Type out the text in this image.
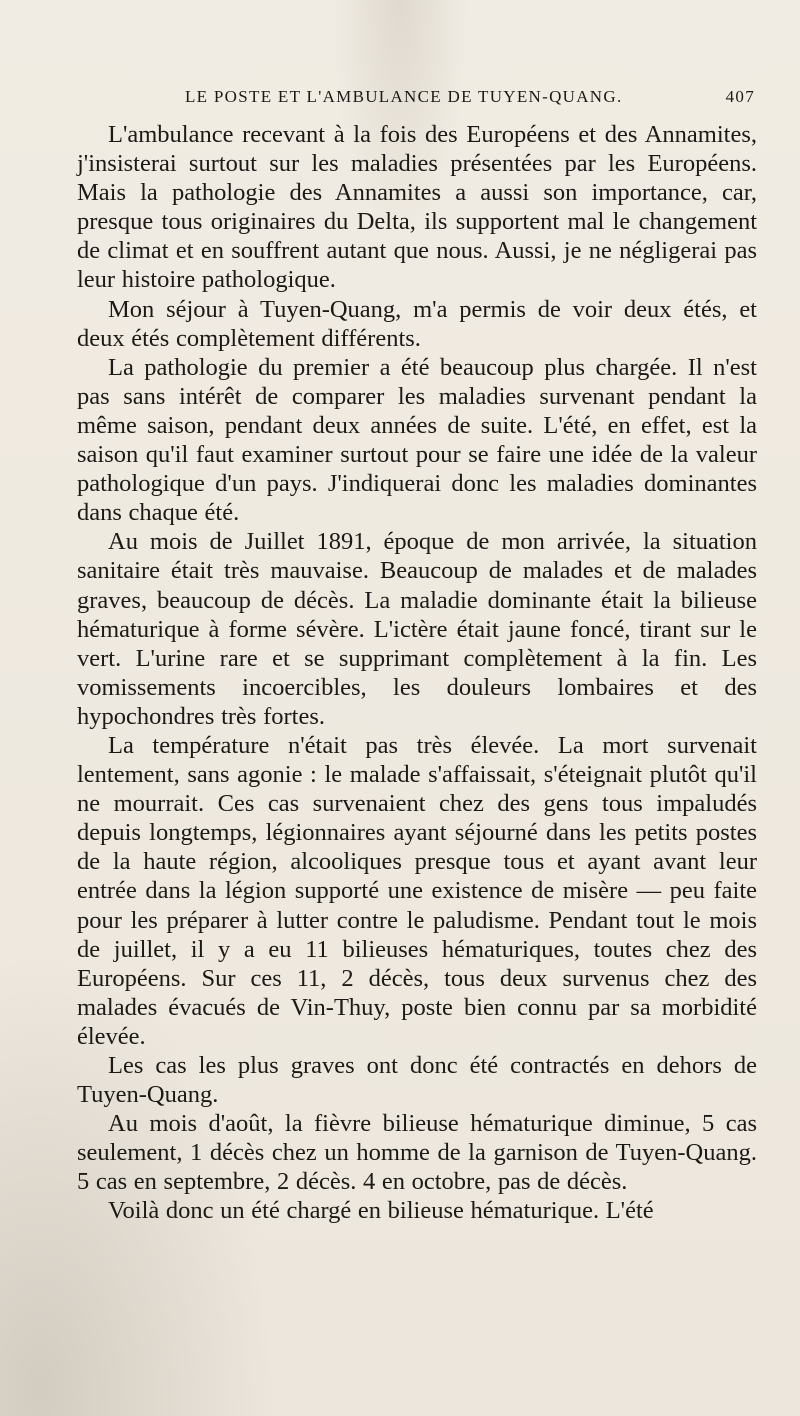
LE POSTE ET L'AMBULANCE DE TUYEN-QUANG.	407

L'ambulance recevant à la fois des Européens et des Annamites, j'insisterai surtout sur les maladies présentées par les Européens. Mais la pathologie des Annamites a aussi son importance, car, presque tous originaires du Delta, ils supportent mal le changement de climat et en souffrent autant que nous. Aussi, je ne négligerai pas leur histoire pathologique.

Mon séjour à Tuyen-Quang, m'a permis de voir deux étés, et deux étés complètement différents.

La pathologie du premier a été beaucoup plus chargée. Il n'est pas sans intérêt de comparer les maladies survenant pendant la même saison, pendant deux années de suite. L'été, en effet, est la saison qu'il faut examiner surtout pour se faire une idée de la valeur pathologique d'un pays. J'indiquerai donc les maladies dominantes dans chaque été.

Au mois de Juillet 1891, époque de mon arrivée, la situation sanitaire était très mauvaise. Beaucoup de malades et de malades graves, beaucoup de décès. La maladie dominante était la bilieuse hématurique à forme sévère. L'ictère était jaune foncé, tirant sur le vert. L'urine rare et se supprimant complètement à la fin. Les vomissements incoercibles, les douleurs lombaires et des hypochondres très fortes.

La température n'était pas très élevée. La mort survenait lentement, sans agonie : le malade s'affaissait, s'éteignait plutôt qu'il ne mourrait. Ces cas survenaient chez des gens tous impaludés depuis longtemps, légionnaires ayant séjourné dans les petits postes de la haute région, alcooliques presque tous et ayant avant leur entrée dans la légion supporté une existence de misère — peu faite pour les préparer à lutter contre le paludisme. Pendant tout le mois de juillet, il y a eu 11 bilieuses hématuriques, toutes chez des Européens. Sur ces 11, 2 décès, tous deux survenus chez des malades évacués de Vin-Thuy, poste bien connu par sa morbidité élevée.

Les cas les plus graves ont donc été contractés en dehors de Tuyen-Quang.

Au mois d'août, la fièvre bilieuse hématurique diminue, 5 cas seulement, 1 décès chez un homme de la garnison de Tuyen-Quang. 5 cas en septembre, 2 décès. 4 en octobre, pas de décès.

Voilà donc un été chargé en bilieuse hématurique. L'été
